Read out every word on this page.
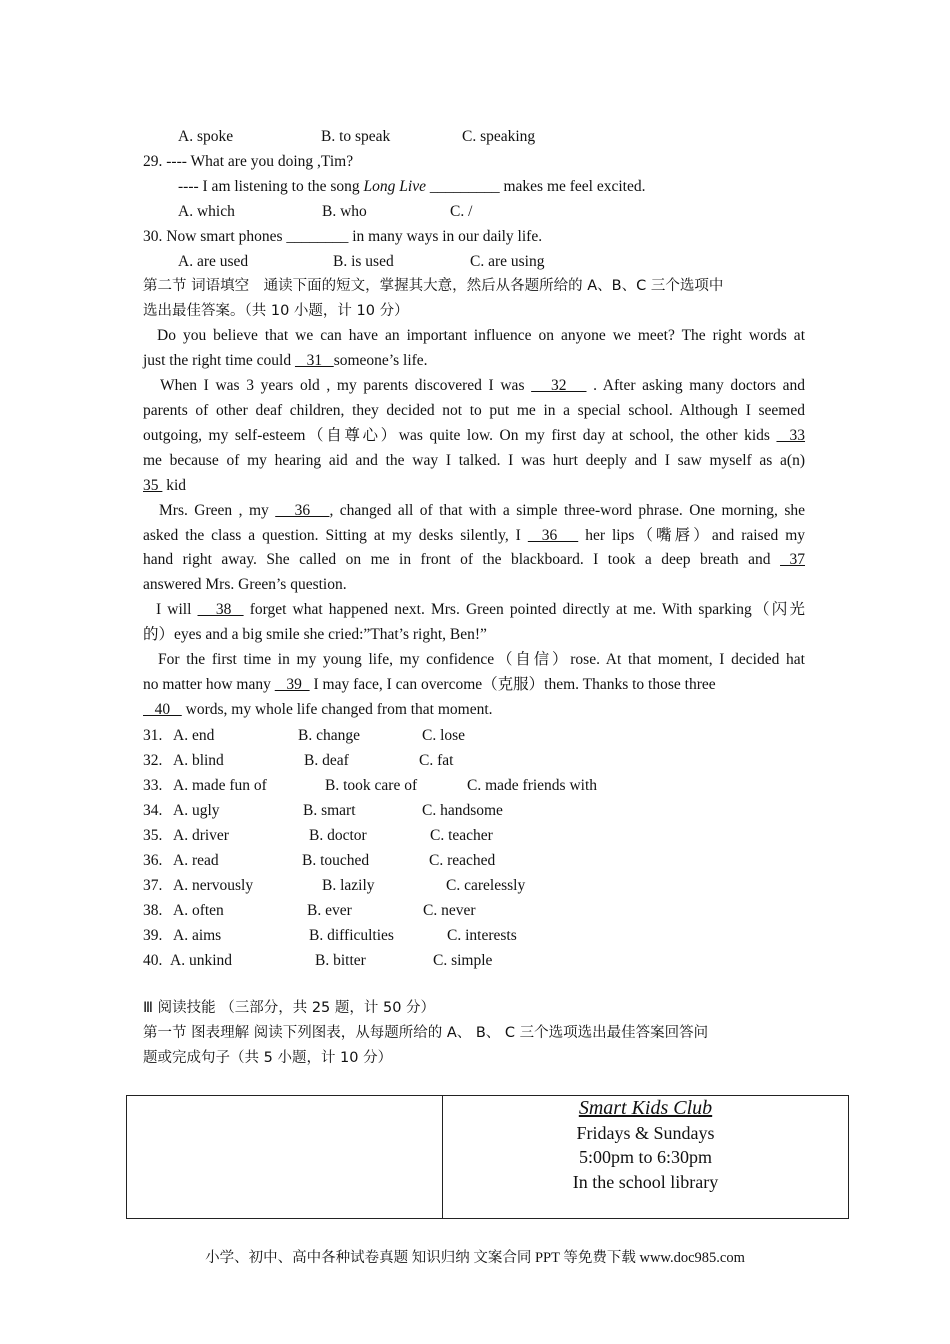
A. spoke	B. to speak	C. speaking
29. ---- What are you doing ,Tim?
---- I am listening to the song Long Live _________ makes me feel excited.
A. which	B. who	C. /
30. Now smart phones ________ in many ways in our daily life.
A. are used	B. is used	C. are using
第二节 词语填空　通读下面的短文，掌握其大意，然后从各题所给的 A、B、C 三个选项中
选出最佳答案。（共 10 小题，计 10 分）
Do you believe that we can have an important influence on anyone we meet? The right words at
just the right time could    31   someone’s life.
When I was 3 years old , my parents discovered I was    32    . After asking many doctors and
parents of other deaf children, they decided not to put me in a special school. Although I seemed
outgoing, my self-esteem（自尊心）was quite low. On my first day at school, the other kids   33
me because of my hearing aid and the way I talked. I was hurt deeply and I saw myself as a(n)
35  kid
Mrs. Green , my    36   , changed all of that with a simple three-word phrase. One morning, she
asked the class a question. Sitting at my desks silently, I   36    her lips（嘴唇）and raised my
hand right away. She called on me in front of the blackboard. I took a deep breath and  37
answered Mrs. Green’s question.
I will    38   forget what happened next. Mrs. Green pointed directly at me. With sparking（闪光
的）eyes and a big smile she cried:”That’s right, Ben!”
For the first time in my young life, my confidence（自信）rose. At that moment, I decided hat
no matter how many    39   I may face, I can overcome（克服）them. Thanks to those three
40    words, my whole life changed from that moment.
31. A. end	B. change	C. lose
32. A. blind	B. deaf	C. fat
33. A. made fun of	B. took care of	C. made friends with
34. A. ugly	B. smart	C. handsome
35. A. driver	B. doctor	C. teacher
36. A. read	B. touched	C. reached
37. A. nervously	B. lazily	C. carelessly
38. A. often	B. ever	C. never
39. A. aims	B. difficulties	C. interests
40. A. unkind	B. bitter	C. simple
Ⅲ 阅读技能 （三部分，共 25 题，计 50 分）
第一节 图表理解 阅读下列图表，从每题所给的 A、 B、 C 三个选项选出最佳答案回答问
题或完成句子（共 5 小题，计 10 分）
Smart Kids Club
Fridays & Sundays
5:00pm to 6:30pm
In the school library
小学、初中、高中各种试卷真题 知识归纳 文案合同 PPT 等免费下载 www.doc985.com
